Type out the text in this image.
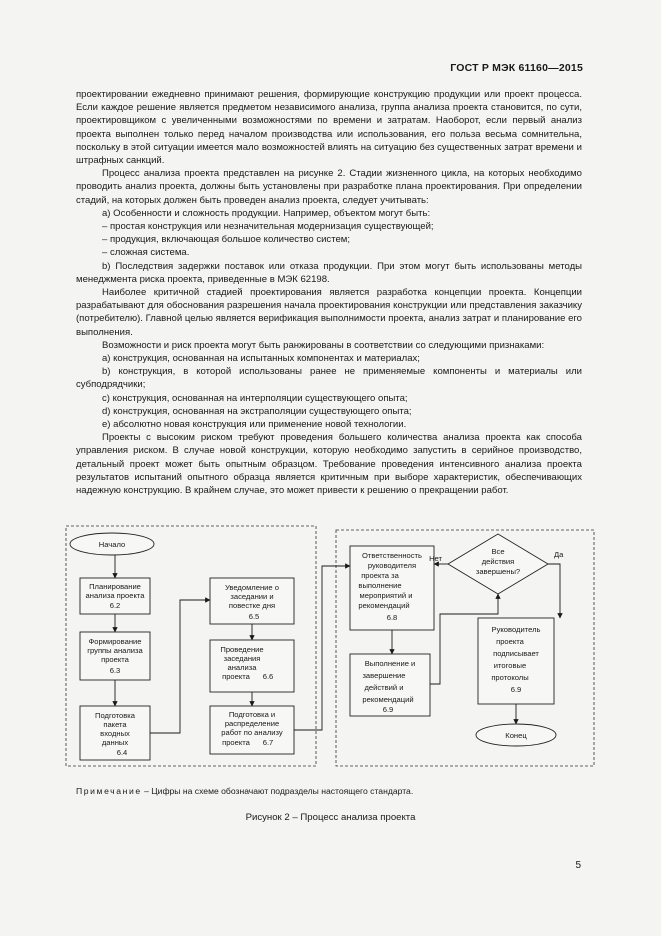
ГОСТ Р МЭК 61160—2015

проектировании ежедневно принимают решения, формирующие конструкцию продукции или проект процесса. Если каждое решение является предметом независимого анализа, группа анализа проекта становится, по сути, проектировщиком с увеличенными возможностями по времени и затратам. Наоборот, если первый анализ проекта выполнен только перед началом производства или использования, его польза весьма сомнительна, поскольку в этой ситуации имеется мало возможностей влиять на ситуацию без существенных затрат времени и штрафных санкций.

Процесс анализа проекта представлен на рисунке 2. Стадии жизненного цикла, на которых необходимо проводить анализ проекта, должны быть установлены при разработке плана проектирования. При определении стадий, на которых должен быть проведен анализ проекта, следует учитывать:

a) Особенности и сложность продукции. Например, объектом могут быть:

– простая конструкция или незначительная модернизация существующей;

– продукция, включающая большое количество систем;

– сложная система.

b) Последствия задержки поставок или отказа продукции. При этом могут быть использованы методы менеджмента риска проекта, приведенные в МЭК 62198.

Наиболее критичной стадией проектирования является разработка концепции проекта. Концепции разрабатывают для обоснования разрешения начала проектирования конструкции или представления заказчику (потребителю). Главной целью является верификация выполнимости проекта, анализ затрат и планирование его выполнения.

Возможности и риск проекта могут быть ранжированы в соответствии со следующими признаками:

a) конструкция, основанная на испытанных компонентах и материалах;

b) конструкция, в которой использованы ранее не применяемые компоненты и материалы или субподрядчики;

c) конструкция, основанная на интерполяции существующего опыта;

d) конструкция, основанная на экстраполяции существующего опыта;

e) абсолютно новая конструкция или применение новой технологии.

Проекты с высоким риском требуют проведения большего количества анализа проекта как способа управления риском. В случае новой конструкции, которую необходимо запустить в серийное производство, детальный проект может быть опытным образцом. Требование проведения интенсивного анализа проекта результатов испытаний опытного образца является критичным при выборе характеристик, обеспечивающих надежную конструкцию. В крайнем случае, это может привести к решению о прекращении работ.

Начало
Планирование
анализа проекта
6.2
Формирование
группы анализа
проекта
6.3
Подготовка
пакета
входных
данных
6.4
Уведомление о
заседании и
повестке дня
6.5
Проведение
заседания
анализа
проекта 6.6
Подготовка и
распределение
работ по анализу
проекта 6.7
Ответственность
руководителя
проекта за
выполнение
мероприятий и
рекомендаций
6.8
Выполнение и
завершение
действий и
рекомендаций
6.9
Все
действия
завершены?
Нет	Да
Руководитель
проекта
подписывает
итоговые
протоколы
6.9
Конец
Примечание – Цифры на схеме обозначают подразделы настоящего стандарта.
Рисунок 2 – Процесс анализа проекта
5
